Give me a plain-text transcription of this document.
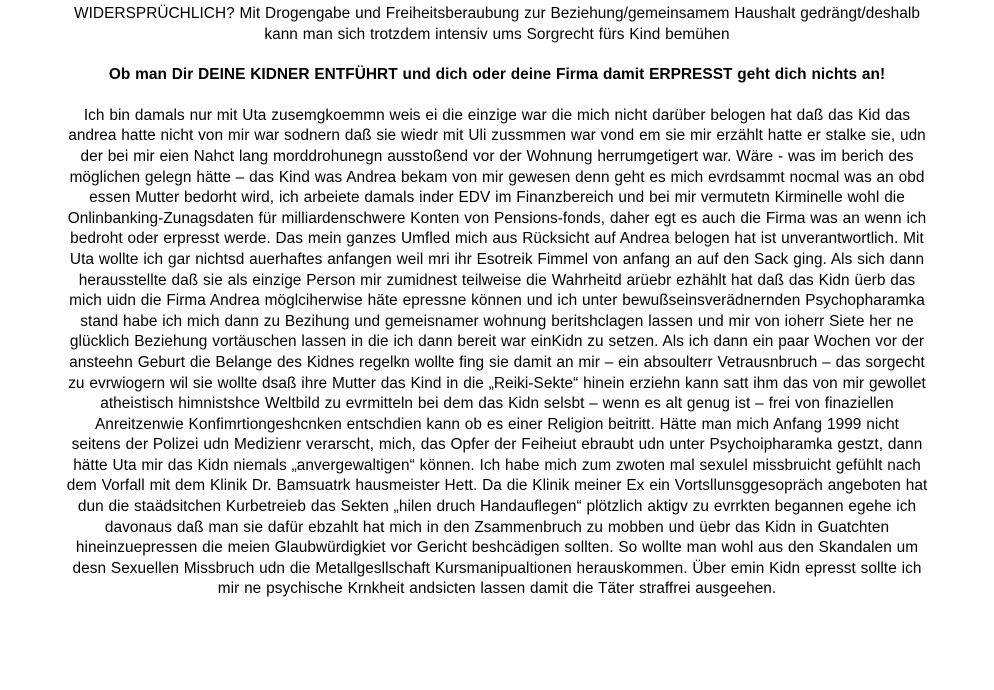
WIDERSPRÜCHLICH? Mit Drogengabe und Freiheitsberaubung zur Beziehung/gemeinsamem Haushalt gedrängt/deshalb

kann man sich trotzdem intensiv ums Sorgrecht fürs Kind bemühen

Ob man Dir DEINE KIDNER ENTFÜHRT und dich oder deine Firma damit ERPRESST geht dich nichts an!

Ich bin damals nur mit Uta zusemgkoemmn weis ei die einzige war die mich nicht darüber belogen hat daß das Kid das

andrea hatte nicht von mir war sodnern daß sie wiedr mit Uli zussmmen war vond em sie mir erzählt hatte er stalke sie, udn

der bei mir eien Nahct lang morddrohunegn ausstoßend vor der Wohnung herrumgetigert war. Wäre - was im berich des

möglichen gelegn hätte – das Kind was Andrea bekam von mir gewesen denn geht es mich evrdsammt nocmal was an obd

essen Mutter bedorht wird, ich arbeiete damals inder EDV im Finanzbereich und bei mir vermutetn Kirminelle wohl die

Onlinbanking-Zunagsdaten für milliardenschwere Konten von Pensions-fonds, daher egt es auch die Firma was an wenn ich

bedroht oder erpresst werde. Das mein ganzes Umfled mich aus Rücksicht auf Andrea belogen hat ist unverantwortlich. Mit

Uta wollte ich gar nichtsd auerhaftes anfangen weil mri ihr Esotreik Fimmel von anfang an auf den Sack ging. Als sich dann

herausstellte daß sie als einzige Person mir zumidnest teilweise die Wahrheitd arüebr ezhählt hat daß das Kidn üerb das

mich uidn die Firma Andrea möglciherwise häte epressne können und ich unter bewußseinsverädnernden Psychopharamka

stand habe ich mich dann zu Bezihung und gemeisnamer wohnung beritshclagen lassen und mir von ioherr Siete her ne

glücklich Beziehung vortäuschen lassen in die ich dann bereit war einKidn zu setzen. Als ich dann ein paar Wochen vor der

ansteehn Geburt die Belange des Kidnes regelkn wollte fing sie damit an mir – ein absoulterr Vetrausnbruch – das sorgecht

zu evrwiogern wil sie wollte dsaß ihre Mutter das Kind in die „Reiki-Sekte“ hinein erziehn kann satt ihm das von mir gewollet

atheistisch himnistshce Weltbild zu evrmitteln bei dem das Kidn selsbt – wenn es alt genug ist – frei von finaziellen

Anreitzenwie Konfimrtiongeshcnken entschdien kann ob es einer Religion beitritt. Hätte man mich Anfang 1999 nicht

seitens der Polizei udn Medizienr verarscht, mich, das Opfer der Feiheiut ebraubt udn unter Psychoipharamka gestzt, dann

hätte Uta mir das Kidn niemals „anvergewaltigen“ können. Ich habe mich zum zwoten mal sexulel missbruicht gefühlt nach

dem Vorfall mit dem Klinik Dr. Bamsuatrk hausmeister Hett. Da die Klinik meiner Ex ein Vortsllunsggesopräch angeboten hat

dun die staädsitchen Kurbetreieb das Sekten „hilen druch Handauflegen“ plötzlich aktigv zu evrrkten begannen egehe ich

davonaus daß man sie dafür ebzahlt hat mich in den Zsammenbruch zu mobben und üebr das Kidn in Guatchten

hineinzuepressen die meien Glaubwürdigkiet vor Gericht beshcädigen sollten. So wollte man wohl aus den Skandalen um

desn Sexuellen Missbruch udn die Metallgesllschaft Kursmanipualtionen herauskommen. Über emin Kidn epresst sollte ich

mir ne psychische Krnkheit andsicten lassen damit die Täter straffrei ausgeehen.
